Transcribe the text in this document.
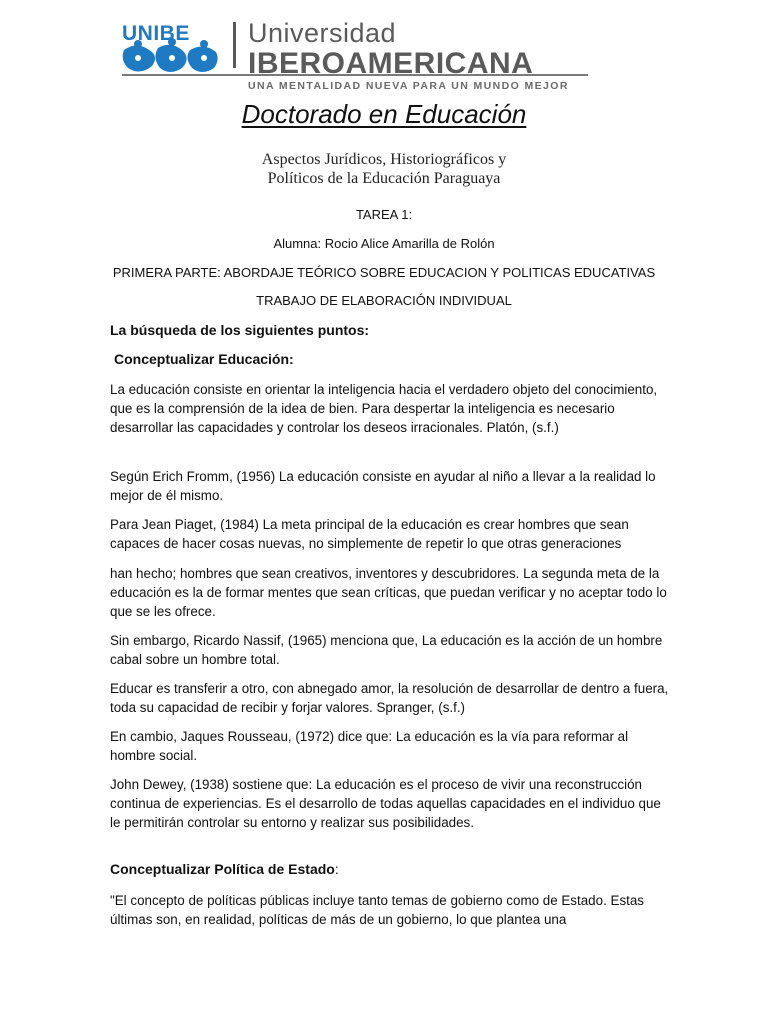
UNIBE Universidad
IBEROAMERICANA
UNA MENTALIDAD NUEVA PARA UN MUNDO MEJOR
Doctorado en Educación
Aspectos Jurídicos, Historiográficos y
Políticos de la Educación Paraguaya
TAREA 1:
Alumna: Rocio Alice Amarilla de Rolón
PRIMERA PARTE: ABORDAJE TEÓRICO SOBRE EDUCACION Y POLITICAS EDUCATIVAS
TRABAJO DE ELABORACIÓN INDIVIDUAL
La búsqueda de los siguientes puntos:
Conceptualizar Educación:
La educación consiste en orientar la inteligencia hacia el verdadero objeto del conocimiento, que es la comprensión de la idea de bien. Para despertar la inteligencia es necesario desarrollar las capacidades y controlar los deseos irracionales. Platón, (s.f.)
Según Erich Fromm, (1956) La educación consiste en ayudar al niño a llevar a la realidad lo mejor de él mismo.
Para Jean Piaget, (1984) La meta principal de la educación es crear hombres que sean capaces de hacer cosas nuevas, no simplemente de repetir lo que otras generaciones
han hecho; hombres que sean creativos, inventores y descubridores. La segunda meta de la educación es la de formar mentes que sean críticas, que puedan verificar y no aceptar todo lo que se les ofrece.
Sin embargo, Ricardo Nassif, (1965) menciona que, La educación es la acción de un hombre cabal sobre un hombre total.
Educar es transferir a otro, con abnegado amor, la resolución de desarrollar de dentro a fuera, toda su capacidad de recibir y forjar valores. Spranger, (s.f.)
En cambio, Jaques Rousseau, (1972) dice que: La educación es la vía para reformar al hombre social.
John Dewey, (1938) sostiene que: La educación es el proceso de vivir una reconstrucción continua de experiencias. Es el desarrollo de todas aquellas capacidades en el individuo que le permitirán controlar su entorno y realizar sus posibilidades.
Conceptualizar Política de Estado:
"El concepto de políticas públicas incluye tanto temas de gobierno como de Estado. Estas últimas son, en realidad, políticas de más de un gobierno, lo que plantea una
